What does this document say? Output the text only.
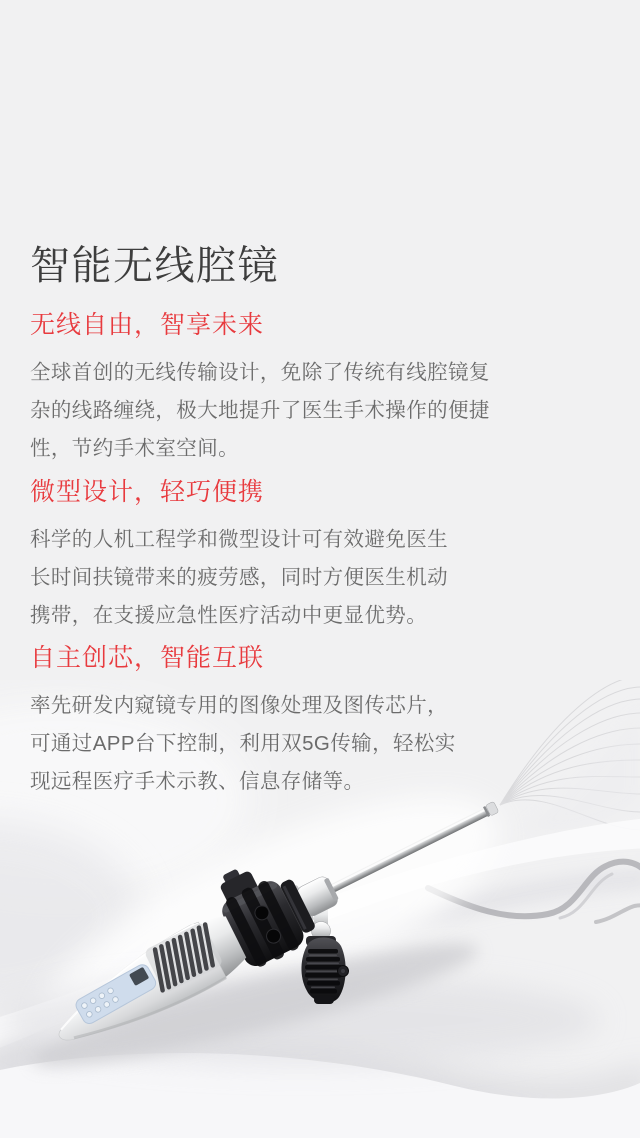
智能无线腔镜
无线自由，智享未来
全球首创的无线传输设计，免除了传统有线腔镜复
杂的线路缠绕，极大地提升了医生手术操作的便捷
性，节约手术室空间。
微型设计，轻巧便携
科学的人机工程学和微型设计可有效避免医生
长时间扶镜带来的疲劳感，同时方便医生机动
携带，在支援应急性医疗活动中更显优势。
自主创芯，智能互联
率先研发内窥镜专用的图像处理及图传芯片，
可通过APP台下控制，利用双5G传输，轻松实
现远程医疗手术示教、信息存储等。
